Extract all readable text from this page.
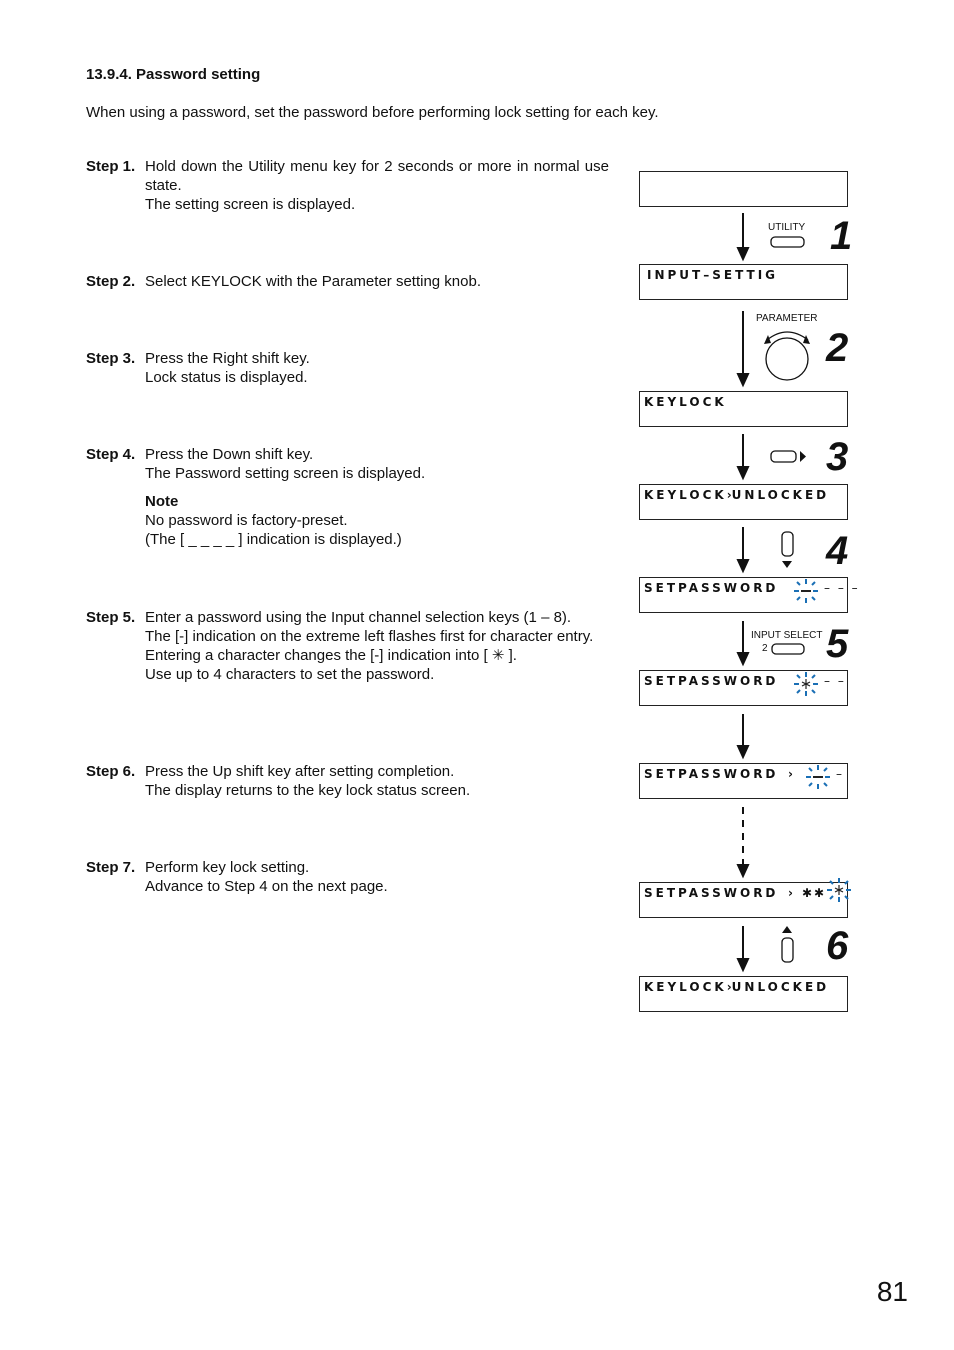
13.9.4. Password setting
When using a password, set the password before performing lock setting for each key.
Step 1. Hold down the Utility menu key for 2 seconds or more in normal use state.
The setting screen is displayed.
Step 2. Select KEYLOCK with the Parameter setting knob.
Step 3. Press the Right shift key.
Lock status is displayed.
Step 4. Press the Down shift key.
The Password setting screen is displayed.
Note
No password is factory-preset.
(The [ _ _ _ _ ] indication is displayed.)
Step 5. Enter a password using the Input channel selection keys (1 – 8).
The [-] indication on the extreme left flashes first for character entry.
Entering a character changes the [-] indication into [ ✳ ].
Use up to 4 characters to set the password.
Step 6. Press the Up shift key after setting completion.
The display returns to the key lock status screen.
Step 7. Perform key lock setting.
Advance to Step 4 on the next page.
INPUT–SETTIG
KEYLOCK
KEYLOCK›UNLOCKED
SETPASSWORD	– – –
SETPASSWORD	– –
SETPASSWORD ›	–
SETPASSWORD › ✱✱
KEYLOCK›UNLOCKED
UTILITY
PARAMETER
INPUT SELECT
2
1
2
3
4
5
6
81
